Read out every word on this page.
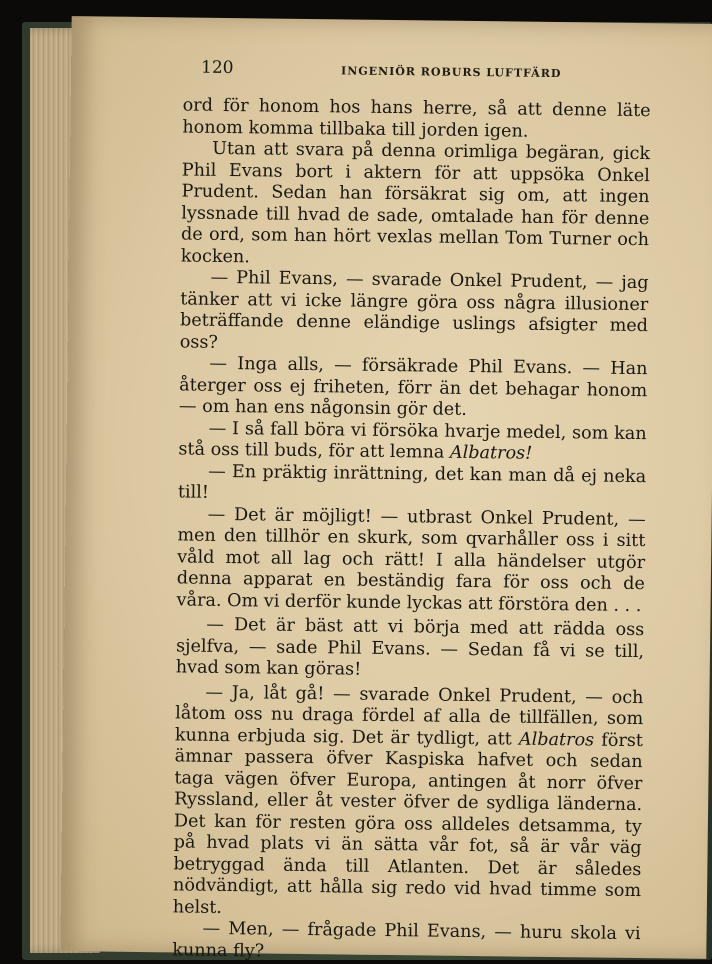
120	INGENIÖR ROBURS LUFTFÄRD

ord för honom hos hans herre, så att denne läte honom komma tillbaka till jorden igen.

Utan att svara på denna orimliga begäran, gick Phil Evans bort i aktern för att uppsöka Onkel Prudent. Sedan han försäkrat sig om, att ingen lyssnade till hvad de sade, omtalade han för denne de ord, som han hört vexlas mellan Tom Turner och kocken.

— Phil Evans, — svarade Onkel Prudent, — jag tänker att vi icke längre göra oss några illusioner beträffande denne eländige uslings afsigter med oss?

— Inga alls, — försäkrade Phil Evans. — Han återger oss ej friheten, förr än det behagar honom — om han ens någonsin gör det.

— I så fall böra vi försöka hvarje medel, som kan stå oss till buds, för att lemna Albatros!

— En präktig inrättning, det kan man då ej neka till!

— Det är möjligt! — utbrast Onkel Prudent, — men den tillhör en skurk, som qvarhåller oss i sitt våld mot all lag och rätt! I alla händelser utgör denna apparat en beständig fara för oss och de våra. Om vi derför kunde lyckas att förstöra den . . .

— Det är bäst att vi börja med att rädda oss sjelfva, — sade Phil Evans. — Sedan få vi se till, hvad som kan göras!

— Ja, låt gå! — svarade Onkel Prudent, — och låtom oss nu draga fördel af alla de tillfällen, som kunna erbjuda sig. Det är tydligt, att Albatros först ämnar passera öfver Kaspiska hafvet och sedan taga vägen öfver Europa, antingen åt norr öfver Ryssland, eller åt vester öfver de sydliga länderna. Det kan för resten göra oss alldeles detsamma, ty på hvad plats vi än sätta vår fot, så är vår väg betryggad ända till Atlanten. Det är således nödvändigt, att hålla sig redo vid hvad timme som helst.

— Men, — frågade Phil Evans, — huru skola vi kunna fly?
